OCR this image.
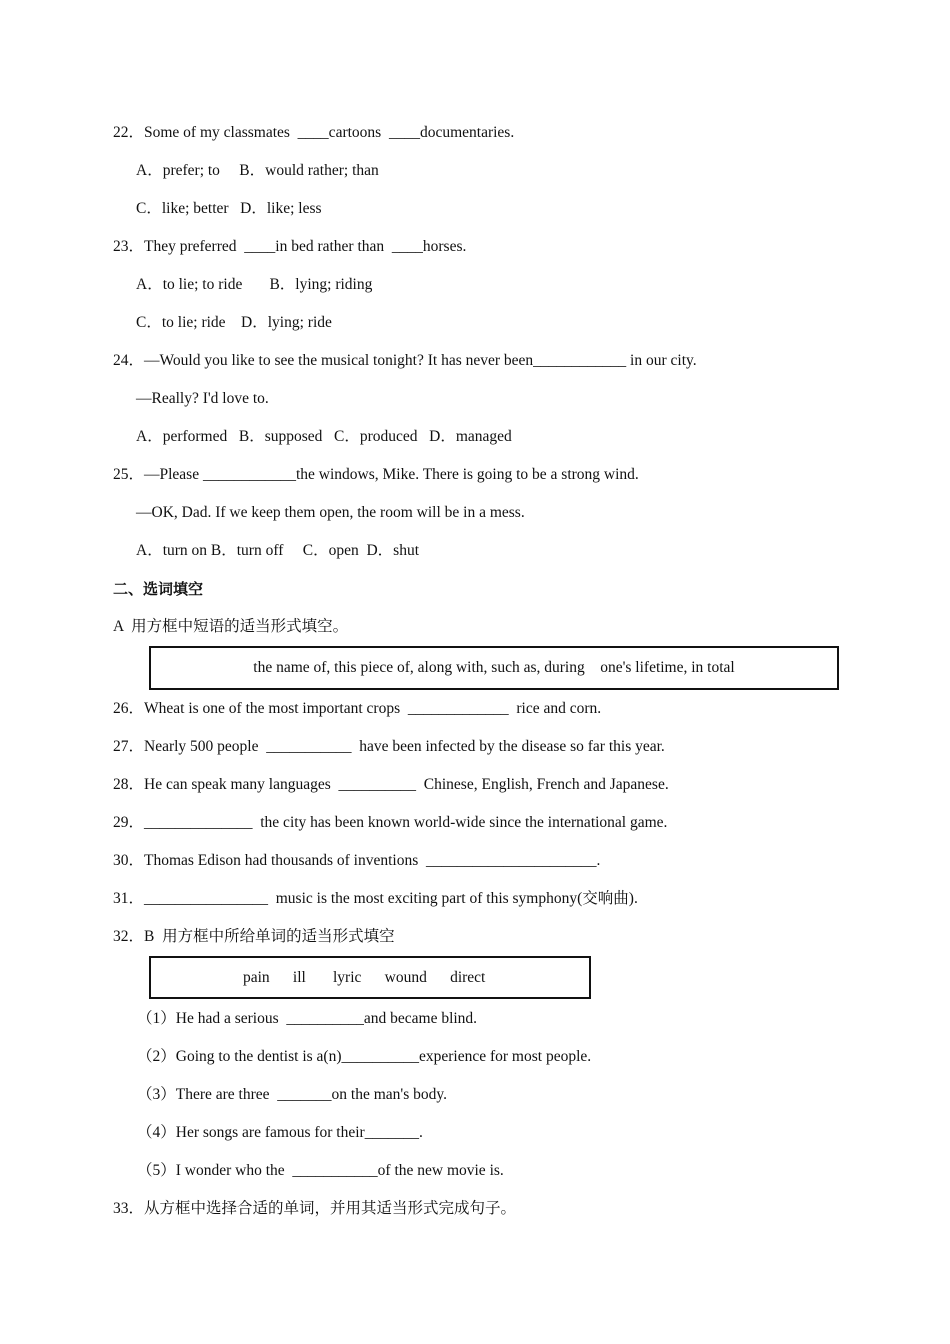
22．Some of my classmates  ____cartoons  ____documentaries.
A．prefer; to     B．would rather; than
C．like; better   D．like; less
23．They preferred  ____in bed rather than  ____horses.
A．to lie; to ride       B．lying; riding
C．to lie; ride    D．lying; ride
24．—Would you like to see the musical tonight? It has never been____________ in our city.
—Really? I'd love to.
A．performed   B．supposed   C．produced   D．managed
25．—Please ____________the windows, Mike. There is going to be a strong wind.
—OK, Dad. If we keep them open, the room will be in a mess.
A．turn on B．turn off     C．open  D．shut
二、选词填空
A  用方框中短语的适当形式填空。
the name of, this piece of, along with, such as, during    one's lifetime, in total
26．Wheat is one of the most important crops  _____________  rice and corn.
27．Nearly 500 people  ___________  have been infected by the disease so far this year.
28．He can speak many languages  __________  Chinese, English, French and Japanese.
29．______________  the city has been known world-wide since the international game.
30．Thomas Edison had thousands of inventions  ______________________.
31．________________  music is the most exciting part of this symphony(交响曲).
32．B  用方框中所给单词的适当形式填空
pain      ill       lyric      wound      direct
（1）He had a serious  __________and became blind.
（2）Going to the dentist is a(n)__________experience for most people.
（3）There are three  _______on the man's body.
（4）Her songs are famous for their_______.
（5）I wonder who the  ___________of the new movie is.
33．从方框中选择合适的单词，并用其适当形式完成句子。
